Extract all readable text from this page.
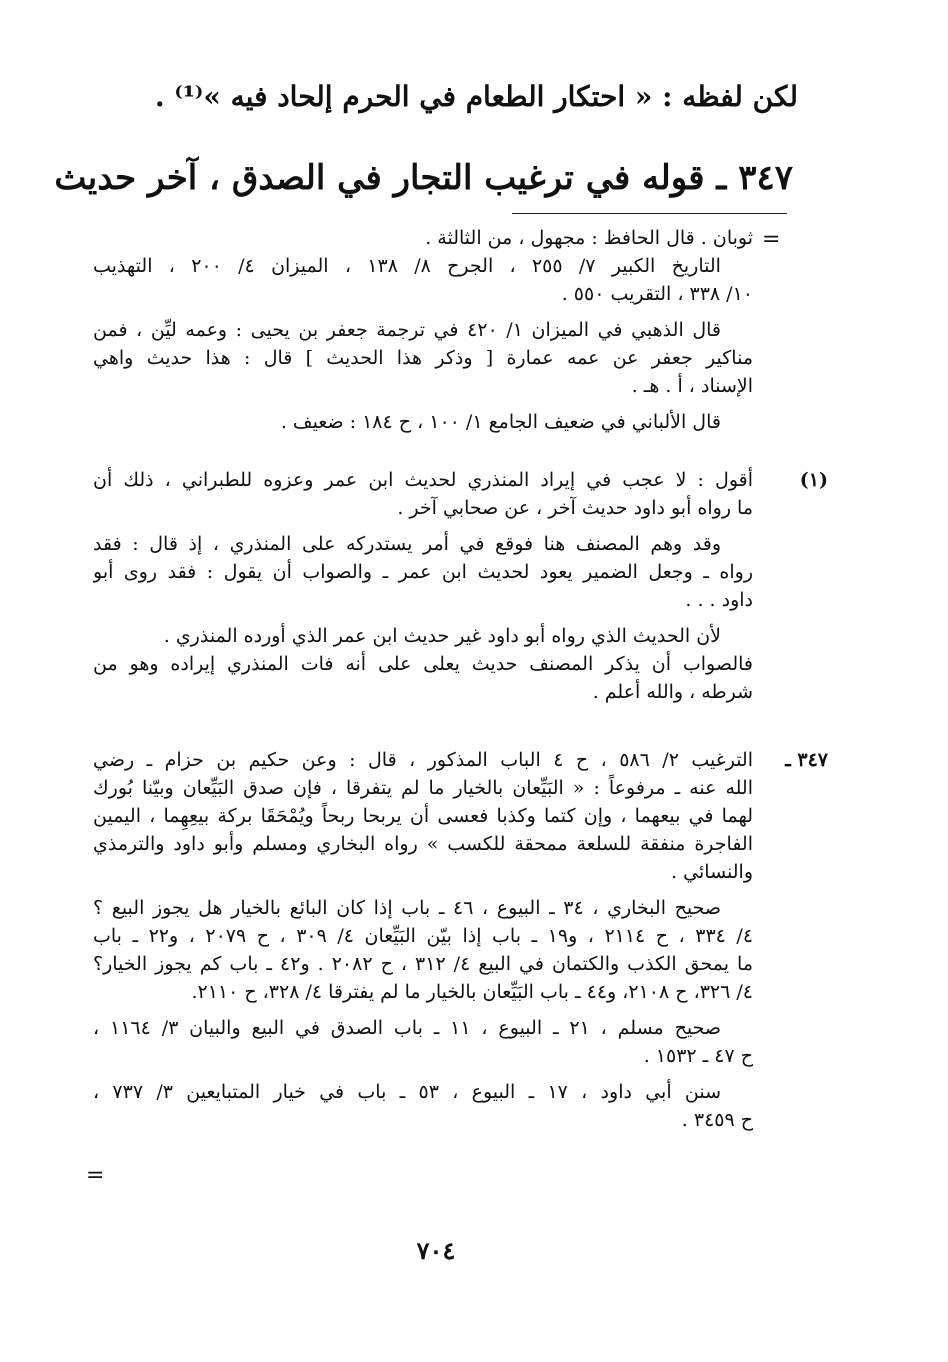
لكن لفظه : « احتكار الطعام في الحرم إلحاد فيه »⁽¹⁾ .
٣٤٧ ـ قوله في ترغيب التجار في الصدق ، آخر حديث
=
ثوبان . قال الحافظ : مجهول ، من الثالثة .
التاريخ الكبير ٧/ ٢٥٥ ، الجرح ٨/ ١٣٨ ، الميزان ٤/ ٢٠٠ ، التهذيب
١٠/ ٣٣٨ ، التقريب ٥٥٠ .
قال الذهبي في الميزان ١/ ٤٢٠ في ترجمة جعفر بن يحيى : وعمه ليِّن ، فمن
مناكير جعفر عن عمه عمارة [ وذكر هذا الحديث ] قال : هذا حديث واهي
الإسناد ، أ . هـ .
قال الألباني في ضعيف الجامع ١/ ١٠٠ ، ح ١٨٤ : ضعيف .
(١)
أقول : لا عجب في إيراد المنذري لحديث ابن عمر وعزوه للطبراني ، ذلك أن
ما رواه أبو داود حديث آخر ، عن صحابي آخر .
وقد وهم المصنف هنا فوقع في أمر يستدركه على المنذري ، إذ قال : فقد
رواه ـ وجعل الضمير يعود لحديث ابن عمر ـ والصواب أن يقول : فقد روى أبو
داود . . .
لأن الحديث الذي رواه أبو داود غير حديث ابن عمر الذي أورده المنذري .
فالصواب أن يذكر المصنف حديث يعلى على أنه فات المنذري إيراده وهو من
شرطه ، والله أعلم .
٣٤٧ ـ
الترغيب ٢/ ٥٨٦ ، ح ٤ الباب المذكور ، قال : وعن حكيم بن حزام ـ رضي
الله عنه ـ مرفوعاً : « البَيِّعان بالخيار ما لم يتفرقا ، فإن صدق البَيِّعان وبيّنا بُورك
لهما في بيعهما ، وإن كتما وكذبا فعسى أن يربحا ربحاً ويُمْحَقَا بركة بيعِهِما ، اليمين
الفاجرة منفقة للسلعة ممحقة للكسب » رواه البخاري ومسلم وأبو داود والترمذي
والنسائي .
صحيح البخاري ، ٣٤ ـ البيوع ، ٤٦ ـ باب إذا كان البائع بالخيار هل يجوز البيع ؟
٤/ ٣٣٤ ، ح ٢١١٤ ، و١٩ ـ باب إذا بيّن البَيِّعان ٤/ ٣٠٩ ، ح ٢٠٧٩ ، و٢٢ ـ باب
ما يمحق الكذب والكتمان في البيع ٤/ ٣١٢ ، ح ٢٠٨٢ . و٤٢ ـ باب كم يجوز الخيار؟
٤/ ٣٢٦، ح ٢١٠٨، و٤٤ ـ باب البَيِّعان بالخيار ما لم يفترقا ٤/ ٣٢٨، ح ٢١١٠.
صحيح مسلم ، ٢١ ـ البيوع ، ١١ ـ باب الصدق في البيع والبيان ٣/ ١١٦٤ ،
ح ٤٧ ـ ١٥٣٢ .
سنن أبي داود ، ١٧ ـ البيوع ، ٥٣ ـ باب في خيار المتبايعين ٣/ ٧٣٧ ،
ح ٣٤٥٩ .
=
٧٠٤
